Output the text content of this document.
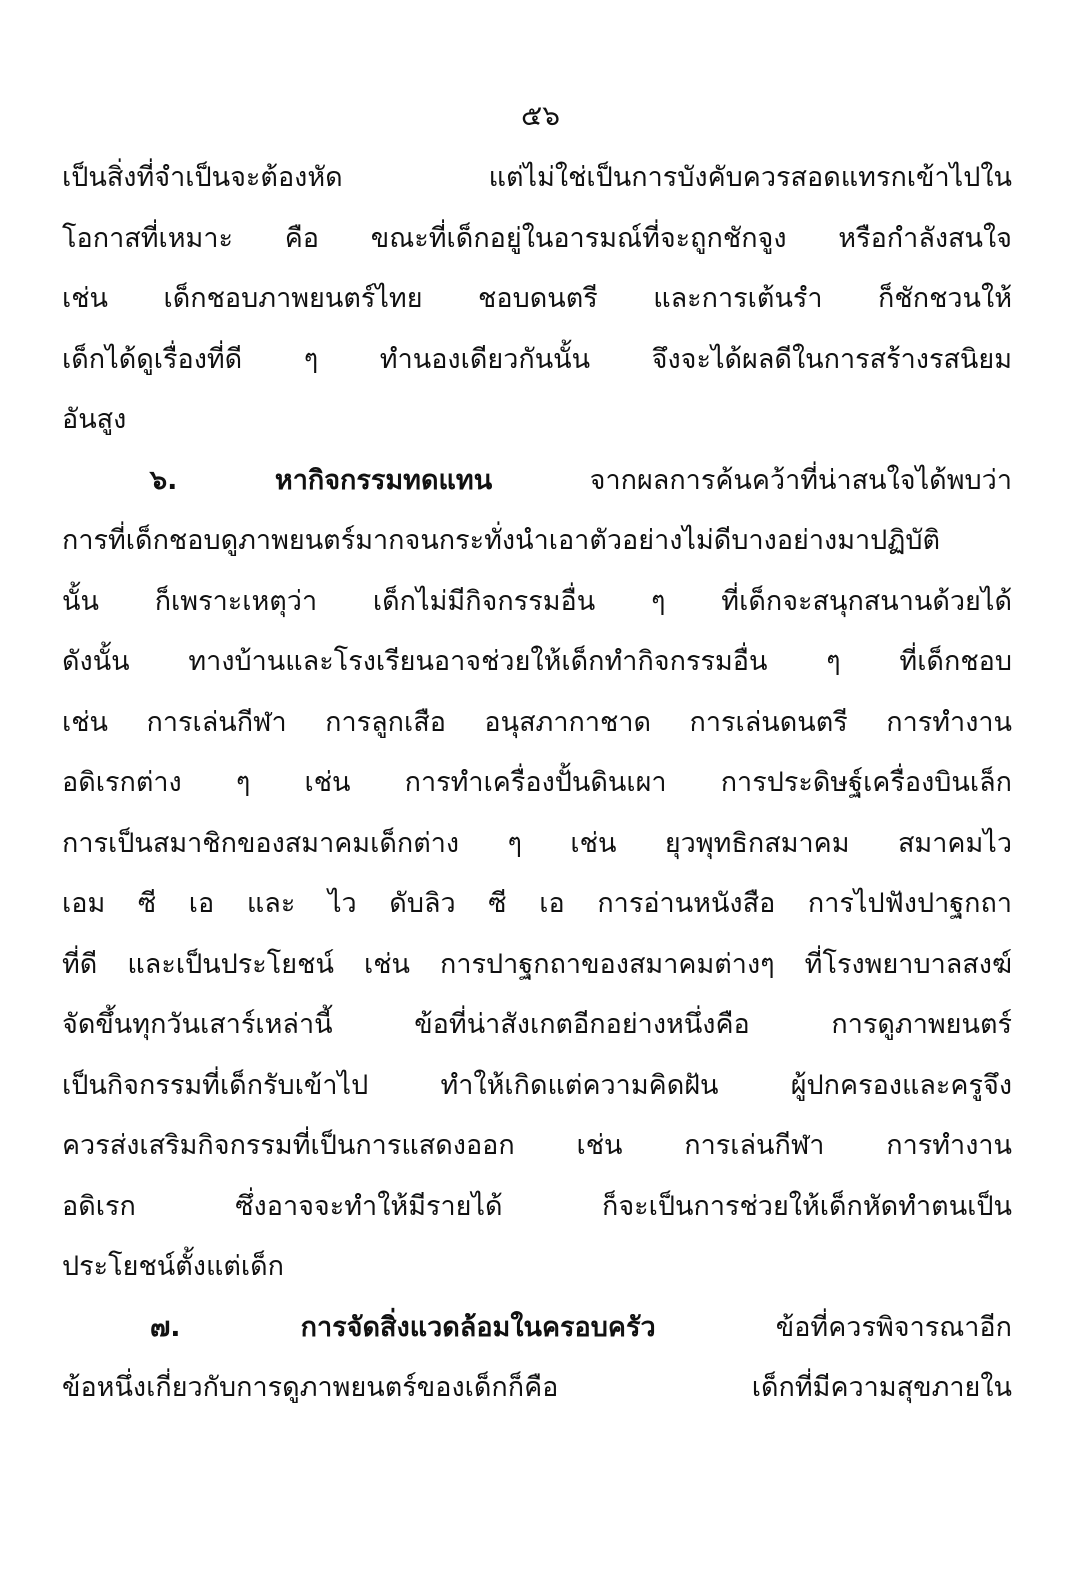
๕๖
เป็นสิ่งที่จำเป็นจะต้องหัด แต่ไม่ใช่เป็นการบังคับควรสอดแทรกเข้าไปใน
โอกาสที่เหมาะ คือ ขณะที่เด็กอยู่ในอารมณ์ที่จะถูกชักจูง หรือกำลังสนใจ
เช่น เด็กชอบภาพยนตร์ไทย ชอบดนตรี และการเต้นรำ ก็ชักชวนให้
เด็กได้ดูเรื่องที่ดี ๆ ทำนองเดียวกันนั้น จึงจะได้ผลดีในการสร้างรสนิยม
อันสูง
๖.	หากิจกรรมทดแทน	จากผลการค้นคว้าที่น่าสนใจได้พบว่า
การที่เด็กชอบดูภาพยนตร์มากจนกระทั่งนำเอาตัวอย่างไม่ดีบางอย่างมาปฏิบัติ
นั้น ก็เพราะเหตุว่า เด็กไม่มีกิจกรรมอื่น ๆ ที่เด็กจะสนุกสนานด้วยได้
ดังนั้น ทางบ้านและโรงเรียนอาจช่วยให้เด็กทำกิจกรรมอื่น ๆ ที่เด็กชอบ
เช่น การเล่นกีฬา การลูกเสือ อนุสภากาชาด การเล่นดนตรี การทำงาน
อดิเรกต่าง ๆ เช่น การทำเครื่องปั้นดินเผา การประดิษฐ์เครื่องบินเล็ก
การเป็นสมาชิกของสมาคมเด็กต่าง ๆ เช่น ยุวพุทธิกสมาคม สมาคมไว
เอม ซี เอ และ ไว ดับลิว ซี เอ การอ่านหนังสือ การไปฟังปาฐกถา
ที่ดี และเป็นประโยชน์ เช่น การปาฐกถาของสมาคมต่างๆ ที่โรงพยาบาลสงฆ์
จัดขึ้นทุกวันเสาร์เหล่านี้ ข้อที่น่าสังเกตอีกอย่างหนึ่งคือ การดูภาพยนตร์
เป็นกิจกรรมที่เด็กรับเข้าไป ทำให้เกิดแต่ความคิดฝัน ผู้ปกครองและครูจึง
ควรส่งเสริมกิจกรรมที่เป็นการแสดงออก เช่น การเล่นกีฬา การทำงาน
อดิเรก ซึ่งอาจจะทำให้มีรายได้ ก็จะเป็นการช่วยให้เด็กหัดทำตนเป็น
ประโยชน์ตั้งแต่เด็ก
๗.	การจัดสิ่งแวดล้อมในครอบครัว	ข้อที่ควรพิจารณาอีก
ข้อหนึ่งเกี่ยวกับการดูภาพยนตร์ของเด็กก็คือ เด็กที่มีความสุขภายใน
